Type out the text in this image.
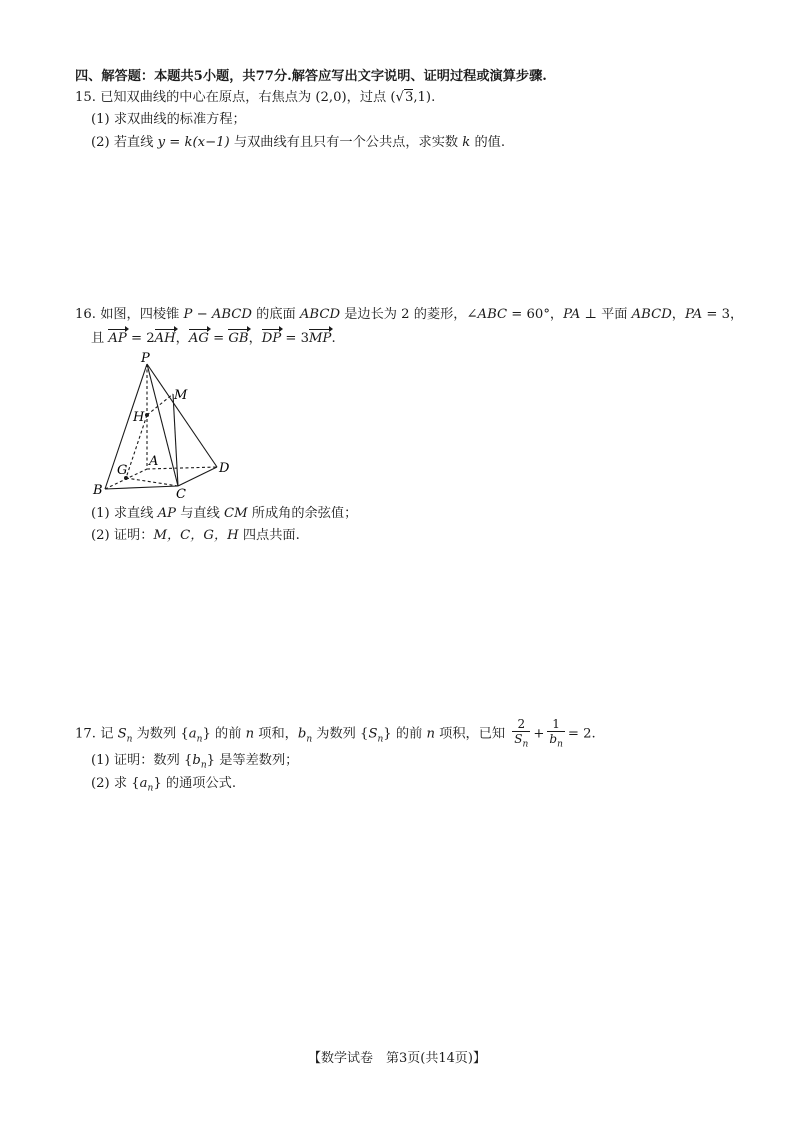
四、解答题：本题共5小题，共77分.解答应写出文字说明、证明过程或演算步骤.
15. 已知双曲线的中心在原点，右焦点为 (2,0)，过点 (√3,1).
(1) 求双曲线的标准方程；
(2) 若直线 y = k(x−1) 与双曲线有且只有一个公共点，求实数 k 的值.
16. 如图，四棱锥 P − ABCD 的底面 ABCD 是边长为 2 的菱形，∠ABC = 60°，PA ⊥ 平面 ABCD，PA = 3，
且 AP = 2AH，AG = GB，DP = 3MP.
P
M
H
G
A
B	C
D
(1) 求直线 AP 与直线 CM 所成角的余弦值；
(2) 证明：M，C，G，H 四点共面.
17. 记 $S_n$ 为数列 $\{a_n\}$ 的前 n 项和，$b_n$ 为数列 $\{S_n\}$ 的前 n 项积，已知 $\frac{2}{S_n} + \frac{1}{b_n} = 2$.
(1) 证明：数列 $\{b_n\}$ 是等差数列；
(2) 求 $\{a_n\}$ 的通项公式.
【数学试卷　第3页(共14页)】
